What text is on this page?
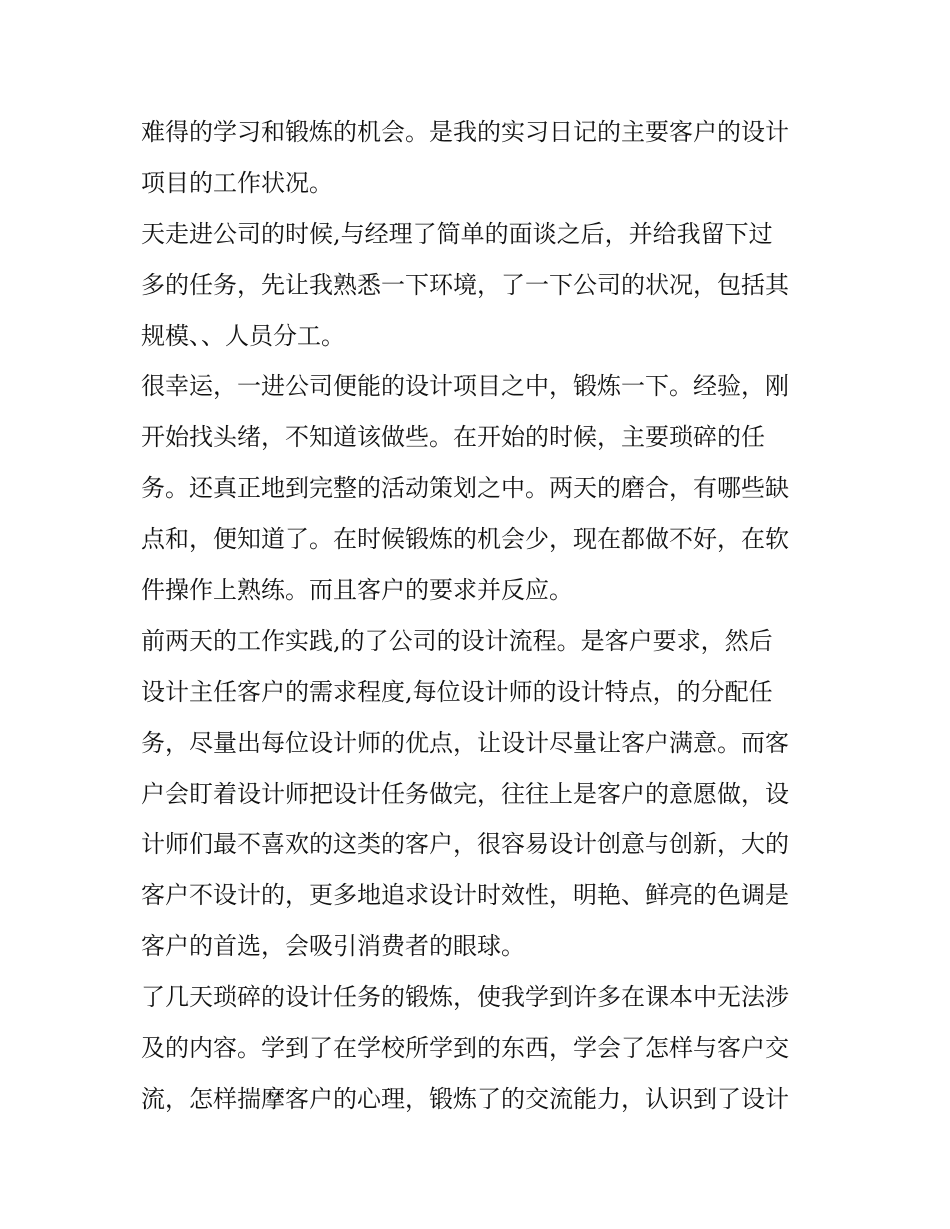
难得的学习和锻炼的机会。是我的实习日记的主要客户的设计
项目的工作状况。
天走进公司的时候,与经理了简单的面谈之后，并给我留下过
多的任务，先让我熟悉一下环境，了一下公司的状况，包括其
规模、、人员分工。
很幸运，一进公司便能的设计项目之中，锻炼一下。经验，刚
开始找头绪，不知道该做些。在开始的时候，主要琐碎的任
务。还真正地到完整的活动策划之中。两天的磨合，有哪些缺
点和，便知道了。在时候锻炼的机会少，现在都做不好，在软
件操作上熟练。而且客户的要求并反应。
前两天的工作实践,的了公司的设计流程。是客户要求，然后
设计主任客户的需求程度,每位设计师的设计特点，的分配任
务，尽量出每位设计师的优点，让设计尽量让客户满意。而客
户会盯着设计师把设计任务做完，往往上是客户的意愿做，设
计师们最不喜欢的这类的客户，很容易设计创意与创新，大的
客户不设计的，更多地追求设计时效性，明艳、鲜亮的色调是
客户的首选，会吸引消费者的眼球。
了几天琐碎的设计任务的锻炼，使我学到许多在课本中无法涉
及的内容。学到了在学校所学到的东西，学会了怎样与客户交
流，怎样揣摩客户的心理，锻炼了的交流能力，认识到了设计
